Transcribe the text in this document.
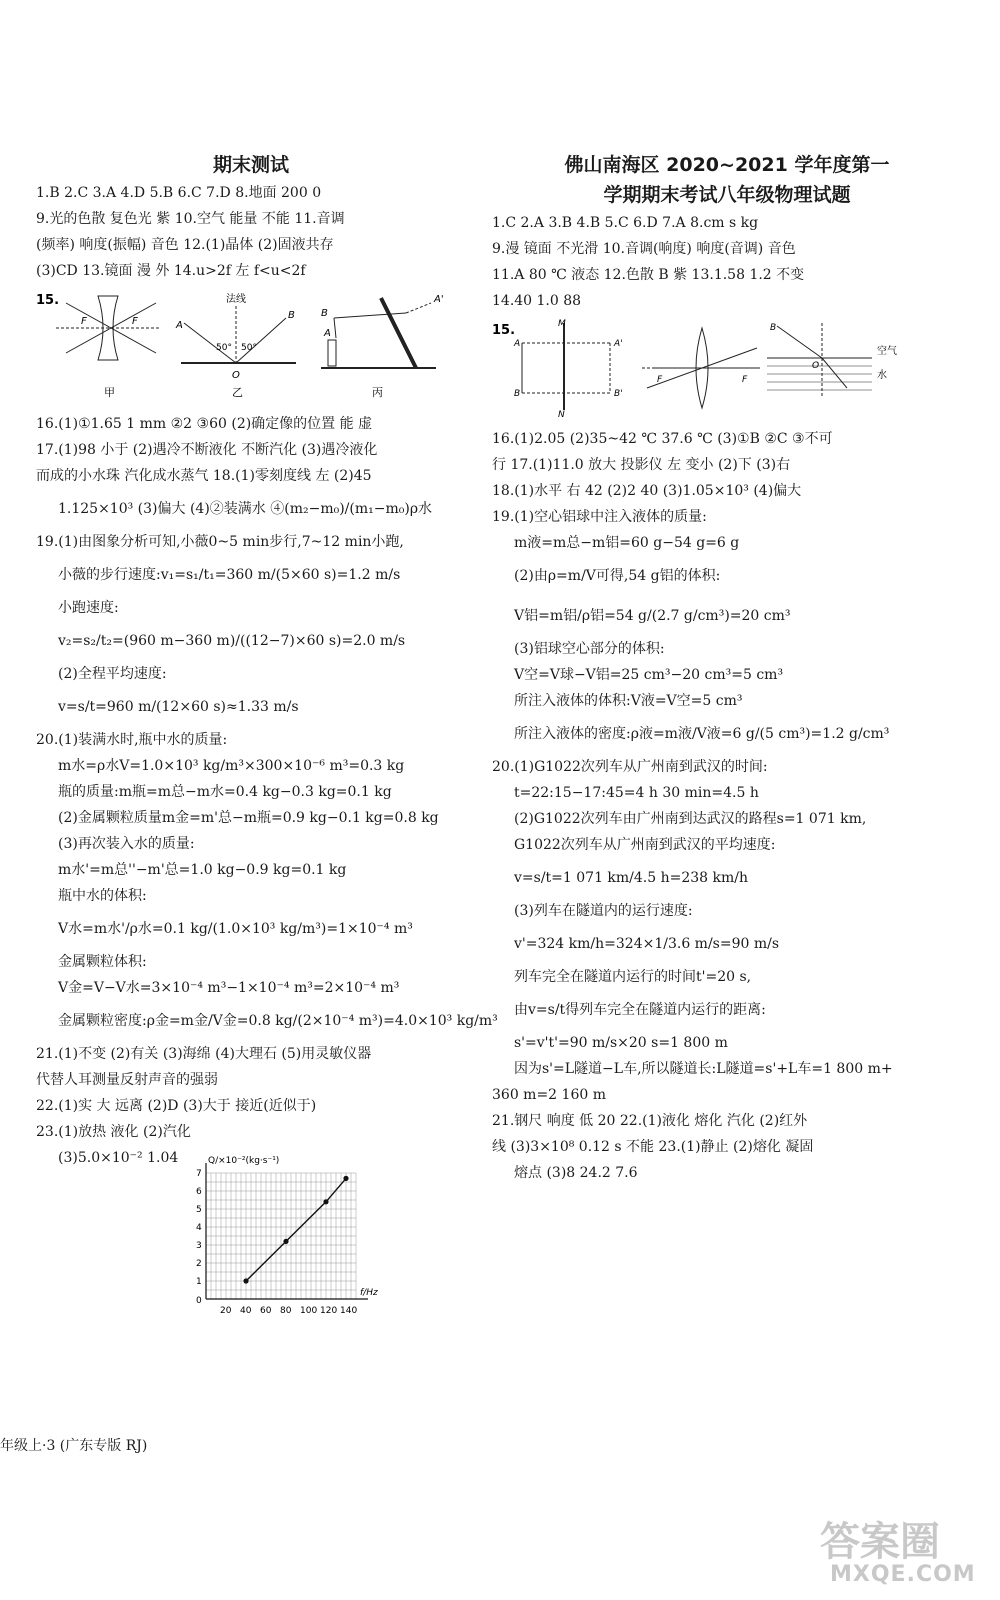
期末测试
1.B 2.C 3.A 4.D 5.B 6.C 7.D 8.地面 200 0
9.光的色散 复色光 紫 10.空气 能量 不能 11.音调
(频率) 响度(振幅) 音色 12.(1)晶体 (2)固液共存
(3)CD 13.镜面 漫 外 14.u>2f 左 f<u<2f
15.
F	F
甲
法线
A
B
50° 50°
O
乙
B
A
A'
丙
16.(1)①1.65 1 mm ②2 ③60 (2)确定像的位置 能 虚
17.(1)98 小于 (2)遇冷不断液化 不断汽化 (3)遇冷液化
而成的小水珠 汽化成水蒸气 18.(1)零刻度线 左 (2)45
1.125×10³ (3)偏大 (4)②装满水 ④(m₂−m₀)/(m₁−m₀)ρ水
19.(1)由图象分析可知,小薇0~5 min步行,7~12 min小跑,
小薇的步行速度:v₁=s₁/t₁=360 m/(5×60 s)=1.2 m/s
小跑速度:
v₂=s₂/t₂=(960 m−360 m)/((12−7)×60 s)=2.0 m/s
(2)全程平均速度:
v=s/t=960 m/(12×60 s)≈1.33 m/s
20.(1)装满水时,瓶中水的质量:
m水=ρ水V=1.0×10³ kg/m³×300×10⁻⁶ m³=0.3 kg
瓶的质量:m瓶=m总−m水=0.4 kg−0.3 kg=0.1 kg
(2)金属颗粒质量m金=m'总−m瓶=0.9 kg−0.1 kg=0.8 kg
(3)再次装入水的质量:
m水'=m总''−m'总=1.0 kg−0.9 kg=0.1 kg
瓶中水的体积:
V水=m水'/ρ水=0.1 kg/(1.0×10³ kg/m³)=1×10⁻⁴ m³
金属颗粒体积:
V金=V−V水=3×10⁻⁴ m³−1×10⁻⁴ m³=2×10⁻⁴ m³
金属颗粒密度:ρ金=m金/V金=0.8 kg/(2×10⁻⁴ m³)=4.0×10³ kg/m³
21.(1)不变 (2)有关 (3)海绵 (4)大理石 (5)用灵敏仪器
代替人耳测量反射声音的强弱
22.(1)实 大 远离 (2)D (3)大于 接近(近似于)
23.(1)放热 液化 (2)汽化
(3)5.0×10⁻² 1.04	Q/×10⁻²(kg·s⁻¹)
f/Hz
0
20 40 60 80 100 120 140
1
2
3
4
5
6
7
佛山南海区 2020~2021 学年度第一
学期期末考试八年级物理试题
1.C 2.A 3.B 4.B 5.C 6.D 7.A 8.cm s kg
9.漫 镜面 不光滑 10.音调(响度) 响度(音调) 音色
11.A 80 ℃ 液态 12.色散 B 紫 13.1.58 1.2 不变
14.40 1.0 88
15.	M
N
A
B
A'
B'
F	F
B
O
空气
水
16.(1)2.05 (2)35~42 ℃ 37.6 ℃ (3)①B ②C ③不可
行 17.(1)11.0 放大 投影仪 左 变小 (2)下 (3)右
18.(1)水平 右 42 (2)2 40 (3)1.05×10³ (4)偏大
19.(1)空心铝球中注入液体的质量:
m液=m总−m铝=60 g−54 g=6 g
(2)由ρ=m/V可得,54 g铝的体积:
V铝=m铝/ρ铝=54 g/(2.7 g/cm³)=20 cm³
(3)铝球空心部分的体积:
V空=V球−V铝=25 cm³−20 cm³=5 cm³
所注入液体的体积:V液=V空=5 cm³
所注入液体的密度:ρ液=m液/V液=6 g/(5 cm³)=1.2 g/cm³
20.(1)G1022次列车从广州南到武汉的时间:
t=22:15−17:45=4 h 30 min=4.5 h
(2)G1022次列车由广州南到达武汉的路程s=1 071 km,
G1022次列车从广州南到武汉的平均速度:
v=s/t=1 071 km/4.5 h=238 km/h
(3)列车在隧道内的运行速度:
v'=324 km/h=324×1/3.6 m/s=90 m/s
列车完全在隧道内运行的时间t'=20 s,
由v=s/t得列车完全在隧道内运行的距离:
s'=v't'=90 m/s×20 s=1 800 m
因为s'=L隧道−L车,所以隧道长:L隧道=s'+L车=1 800 m+
360 m=2 160 m
21.钢尺 响度 低 20 22.(1)液化 熔化 汽化 (2)红外
线 (3)3×10⁸ 0.12 s 不能 23.(1)静止 (2)熔化 凝固
熔点 (3)8 24.2 7.6
年级上·3 (广东专版 RJ)
答案圈
MXQE.COM
